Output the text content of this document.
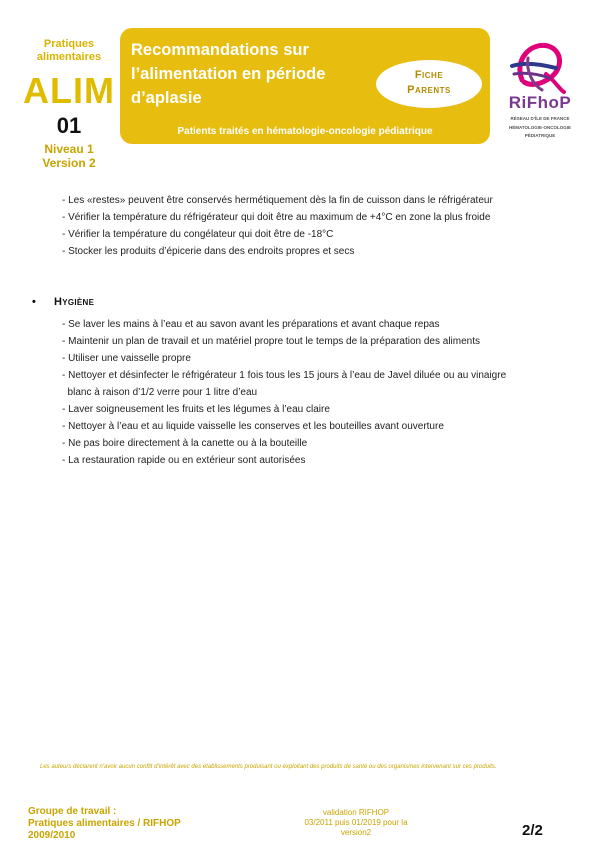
Pratiques alimentaires
ALIM
01
Niveau 1
Version 2
Recommandations sur
l’alimentation en période
d’aplasie
Fiche
Parents
Patients traités en hématologie-oncologie pédiatrique
RiFhoP
RÉSEAU D’ÎLE DE FRANCE
HÉMATOLOGIE-ONCOLOGIE
PÉDIATRIQUE
- Les «restes» peuvent être conservés hermétiquement dès la fin de cuisson dans le réfrigérateur
- Vérifier la température du réfrigérateur qui doit être au maximum de +4°C en zone la plus froide
- Vérifier la température du congélateur qui doit être de -18°C
- Stocker les produits d’épicerie dans des endroits propres et secs
• Hygiène
- Se laver les mains à l’eau et au savon avant les préparations et avant chaque repas
- Maintenir un plan de travail et un matériel propre tout le temps de la préparation des aliments
- Utiliser une vaisselle propre
- Nettoyer et désinfecter le réfrigérateur 1 fois tous les 15 jours à l’eau de Javel diluée ou au vinaigre
blanc à raison d’1/2 verre pour 1 litre d’eau
- Laver soigneusement les fruits et les légumes à l’eau claire
- Nettoyer à l’eau et au liquide vaisselle les conserves et les bouteilles avant ouverture
- Ne pas boire directement à la canette ou à la bouteille
- La restauration rapide ou en extérieur sont autorisées
Les auteurs déclarent n’avoir aucun conflit d’intérêt avec des établissements produisant ou exploitant des produits de santé ou des organismes intervenant sur ces produits.
Groupe de travail :
Pratiques alimentaires / RIFHOP
2009/2010
validation RIFHOP
03/2011 puis 01/2019 pour la
version2	2/2
